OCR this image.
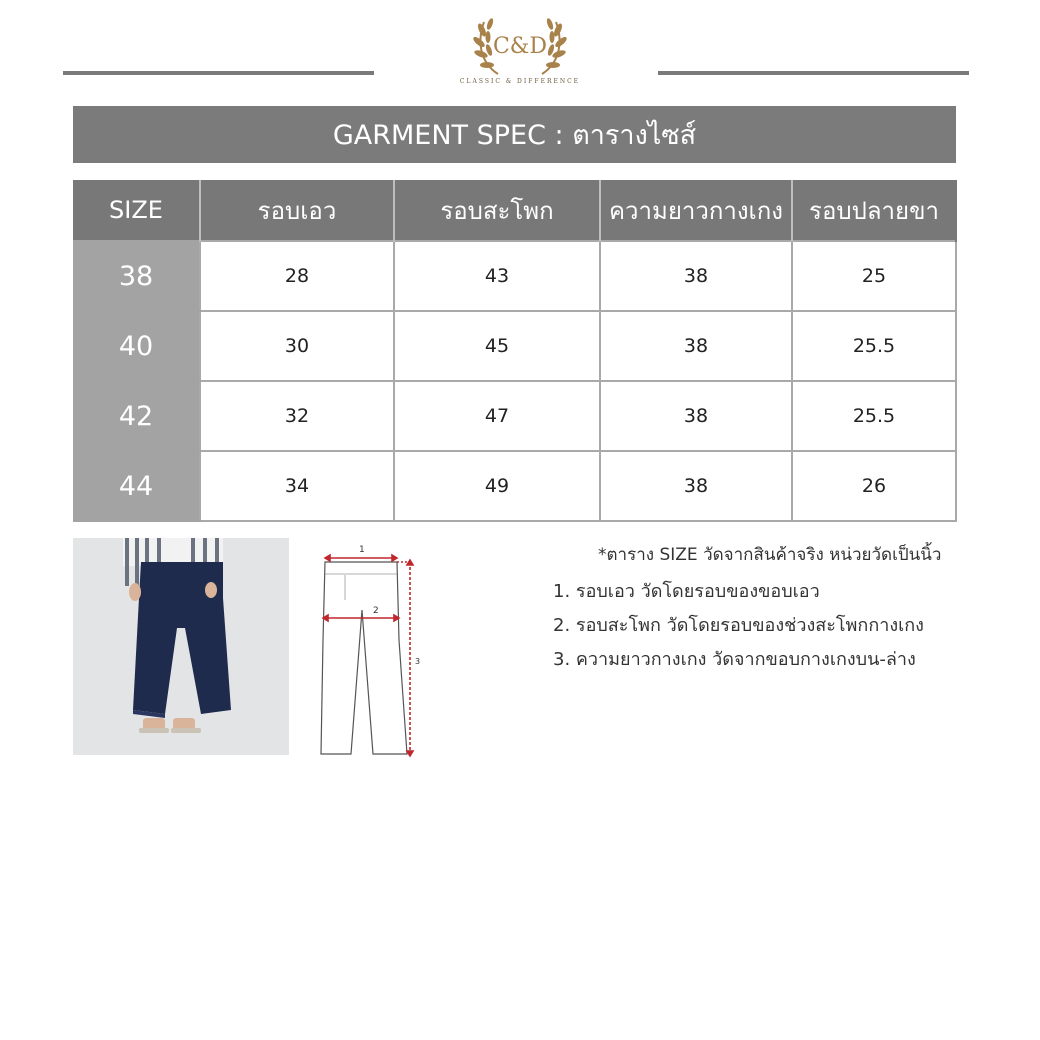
C&D
CLASSIC & DIFFERENCE
GARMENT SPEC : ตารางไซส์
SIZE	รอบเอว	รอบสะโพก	ความยาวกางเกง	รอบปลายขา
38	28	43	38	25
40	30	45	38	25.5
42	32	47	38	25.5
44	34	49	38	26
1
2
3
*ตาราง SIZE วัดจากสินค้าจริง หน่วยวัดเป็นนิ้ว
1. รอบเอว วัดโดยรอบของขอบเอว
2. รอบสะโพก วัดโดยรอบของช่วงสะโพกกางเกง
3. ความยาวกางเกง วัดจากขอบกางเกงบน-ล่าง
